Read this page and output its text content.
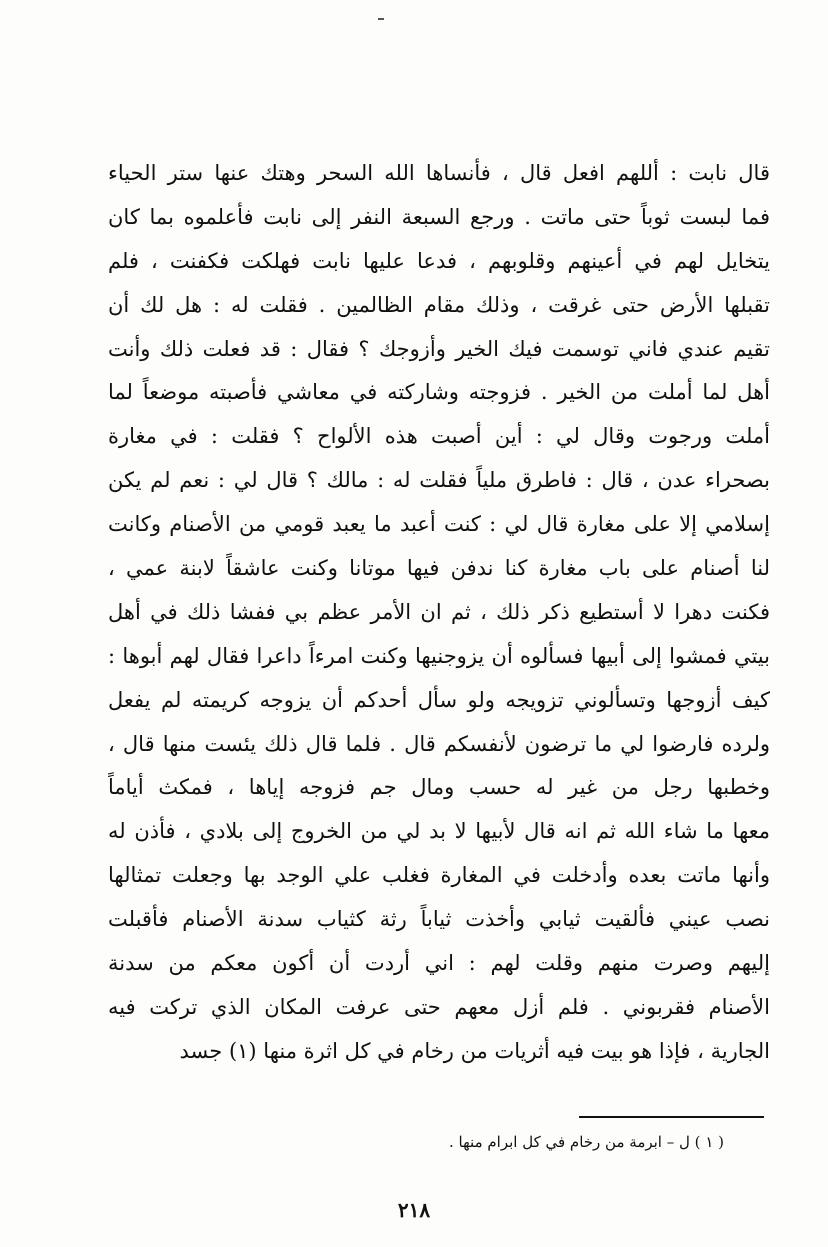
قال نابت : أللهم افعل قال ، فأنساها الله السحر وهتك عنها ستر الحياء
فما لبست ثوباً حتى ماتت . ورجع السبعة النفر إلى نابت فأعلموه بما كان
يتخايل لهم في أعينهم وقلوبهم ، فدعا عليها نابت فهلكت فكفنت ، فلم
تقبلها الأرض حتى غرقت ، وذلك مقام الظالمين . فقلت له : هل لك أن
تقيم عندي فاني توسمت فيك الخير وأزوجك ؟ فقال : قد فعلت ذلك وأنت
أهل لما أملت من الخير . فزوجته وشاركته في معاشي فأصبته موضعاً لما
أملت ورجوت وقال لي : أين أصبت هذه الألواح ؟ فقلت : في مغارة
بصحراء عدن ، قال : فاطرق ملياً فقلت له : مالك ؟ قال لي : نعم لم يكن
إسلامي إلا على مغارة قال لي : كنت أعبد ما يعبد قومي من الأصنام وكانت
لنا أصنام على باب مغارة كنا ندفن فيها موتانا وكنت عاشقاً لابنة عمي ،
فكنت دهرا لا أستطيع ذكر ذلك ، ثم ان الأمر عظم بي ففشا ذلك في أهل
بيتي فمشوا إلى أبيها فسألوه أن يزوجنيها وكنت امرءاً داعرا فقال لهم أبوها :
كيف أزوجها وتسألوني تزويجه ولو سأل أحدكم أن يزوجه كريمته لم يفعل
ولرده فارضوا لي ما ترضون لأنفسكم قال . فلما قال ذلك يئست منها قال ،
وخطبها رجل من غير له حسب ومال جم فزوجه إياها ، فمكث أياماً
معها ما شاء الله ثم انه قال لأبيها لا بد لي من الخروج إلى بلادي ، فأذن له
وأنها ماتت بعده وأدخلت في المغارة فغلب علي الوجد بها وجعلت تمثالها
نصب عيني فألقيت ثيابي وأخذت ثياباً رثة كثياب سدنة الأصنام فأقبلت
إليهم وصرت منهم وقلت لهم : اني أردت أن أكون معكم من سدنة
الأصنام فقربوني . فلم أزل معهم حتى عرفت المكان الذي تركت فيه
الجارية ، فإذا هو بيت فيه أثريات من رخام في كل اثرة منها (١) جسد
( ١ ) ل – ابرمة من رخام في كل ابرام منها .
٢١٨
